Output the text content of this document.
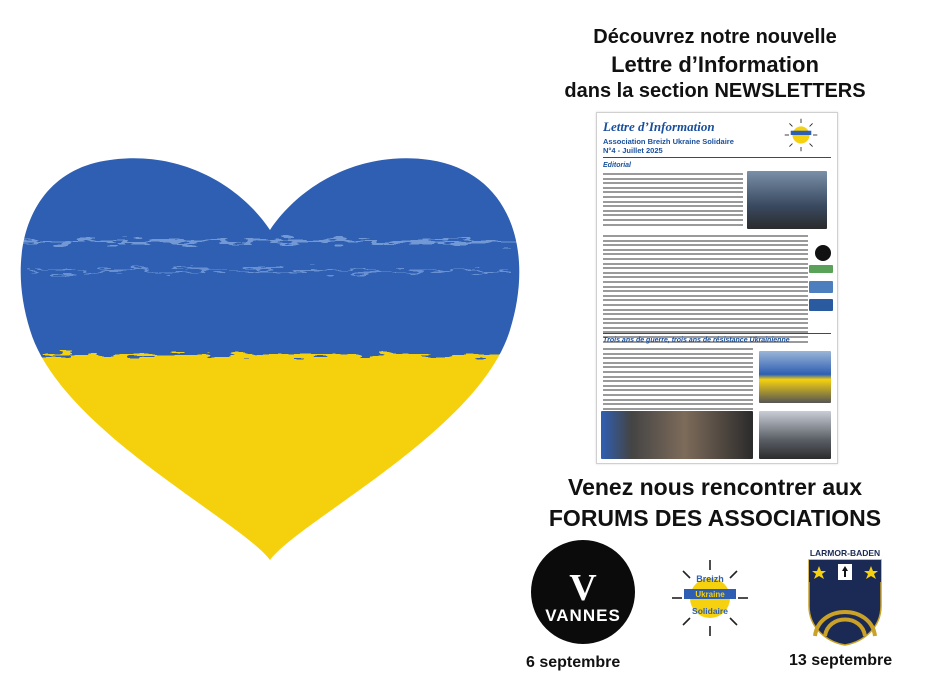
Découvrez notre nouvelle
Lettre d’Information
dans la section NEWSLETTERS
Lettre d’Information
Association Breizh Ukraine Solidaire
N°4 - Juillet 2025
Editorial
Trois ans de guerre, trois ans de résistance Ukrainienne
Venez nous rencontrer aux
FORUMS DES ASSOCIATIONS
V
VANNES
Breizh
Ukraine
Solidaire
LARMOR-BADEN
6 septembre	13 septembre
